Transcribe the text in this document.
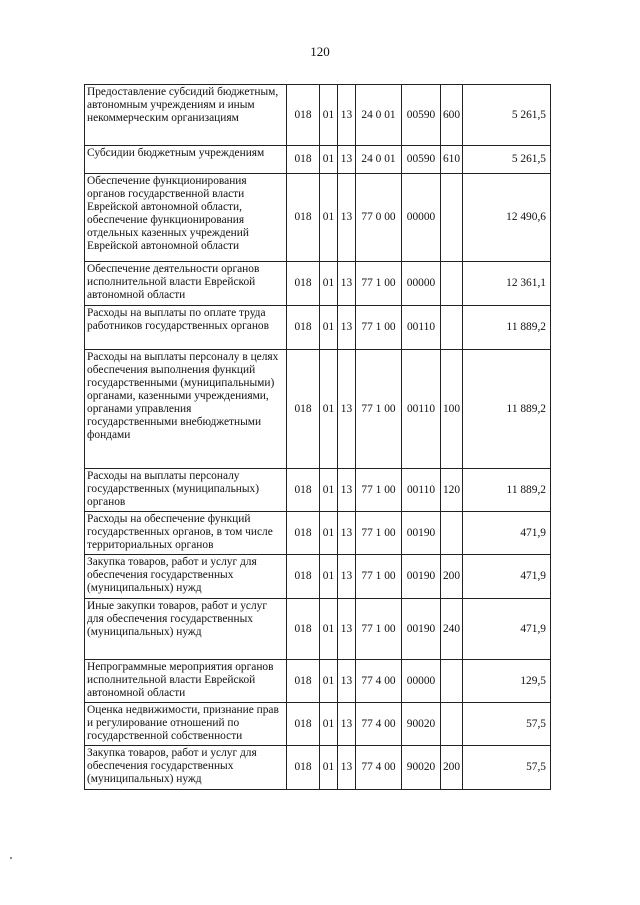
120
Предоставление субсидий бюджетным, автономным учреждениям и иным некоммерческим организациям	018	01	13	24 0 01	00590	600	5 261,5
Субсидии бюджетным учреждениям	018	01	13	24 0 01	00590	610	5 261,5
Обеспечение функционирования органов государственной власти Еврейской автономной области, обеспечение функционирования отдельных казенных учреждений Еврейской автономной области	018	01	13	77 0 00	00000		12 490,6
Обеспечение деятельности органов исполнительной власти Еврейской автономной области	018	01	13	77 1 00	00000		12 361,1
Расходы на выплаты по оплате труда работников государственных органов	018	01	13	77 1 00	00110		11 889,2
Расходы на выплаты персоналу в целях обеспечения выполнения функций государственными (муниципальными) органами, казенными учреждениями, органами управления государственными внебюджетными фондами	018	01	13	77 1 00	00110	100	11 889,2
Расходы на выплаты персоналу государственных (муниципальных) органов	018	01	13	77 1 00	00110	120	11 889,2
Расходы на обеспечение функций государственных органов, в том числе территориальных органов	018	01	13	77 1 00	00190		471,9
Закупка товаров, работ и услуг для обеспечения государственных (муниципальных) нужд	018	01	13	77 1 00	00190	200	471,9
Иные закупки товаров, работ и услуг для обеспечения государственных (муниципальных) нужд	018	01	13	77 1 00	00190	240	471,9
Непрограммные мероприятия органов исполнительной власти Еврейской автономной области	018	01	13	77 4 00	00000		129,5
Оценка недвижимости, признание прав и регулирование отношений по государственной собственности	018	01	13	77 4 00	90020		57,5
Закупка товаров, работ и услуг для обеспечения государственных (муниципальных) нужд	018	01	13	77 4 00	90020	200	57,5
